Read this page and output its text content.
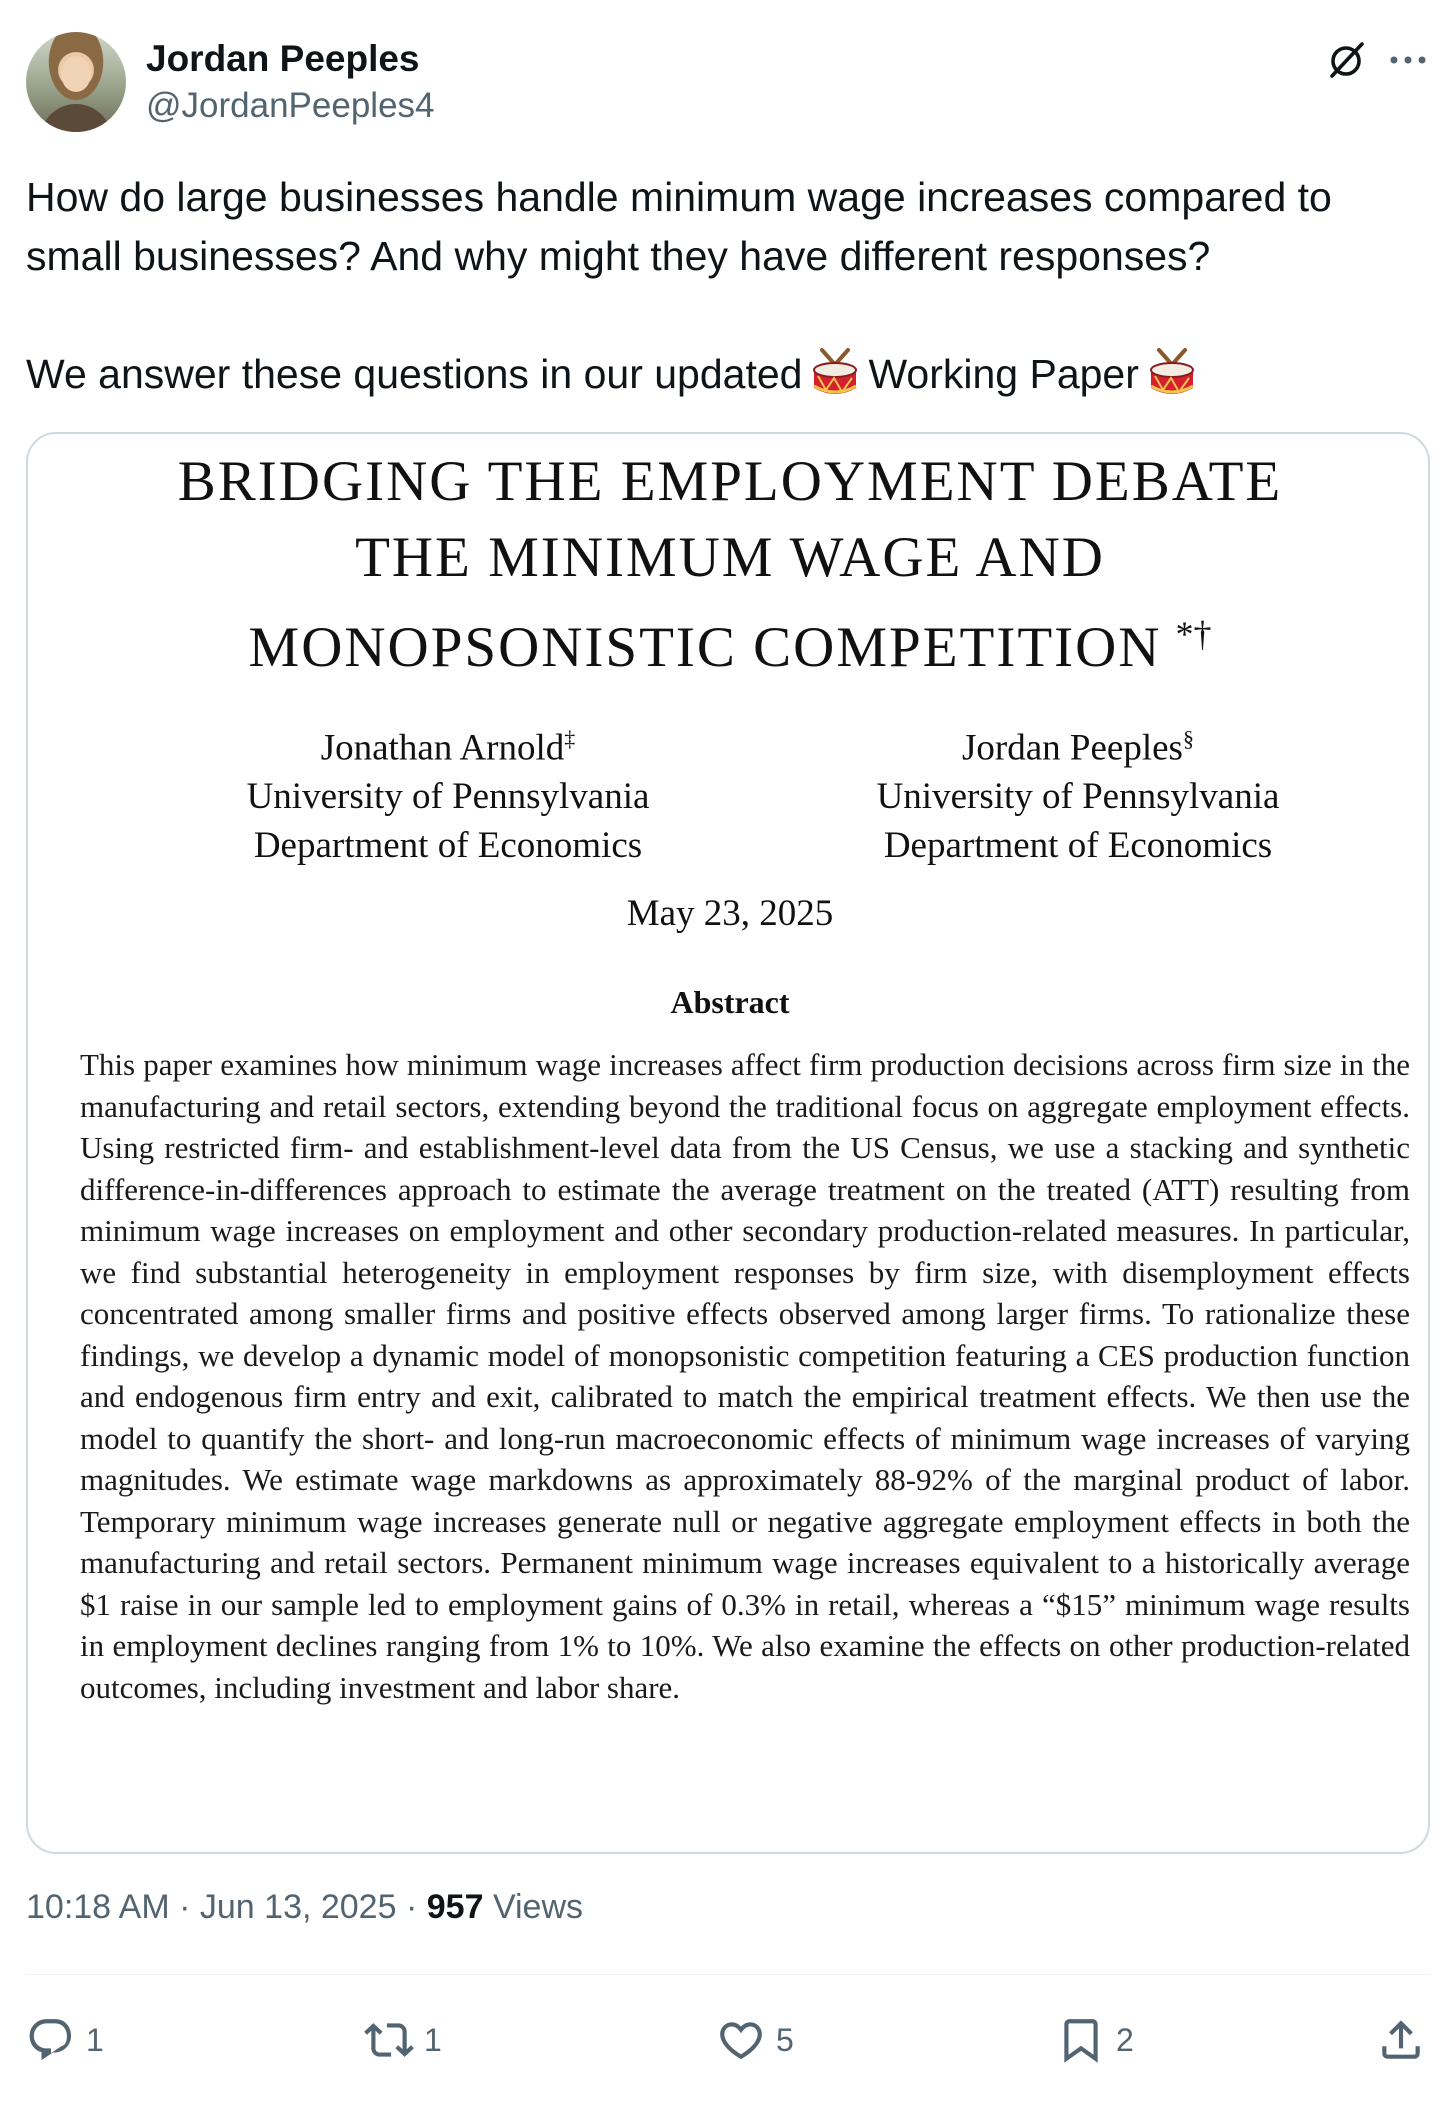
Jordan Peeples
@JordanPeeples4

How do large businesses handle minimum wage increases compared to small businesses? And why might they have different responses?

We answer these questions in our updated Working Paper

BRIDGING THE EMPLOYMENT DEBATE
THE MINIMUM WAGE AND
MONOPSONISTIC COMPETITION *†
Jonathan Arnold‡
University of Pennsylvania
Department of Economics
Jordan Peeples§
University of Pennsylvania
Department of Economics
May 23, 2025
Abstract
This paper examines how minimum wage increases affect firm production decisions across firm size in the manufacturing and retail sectors, extending beyond the traditional focus on aggregate employment effects. Using restricted firm- and establishment-level data from the US Census, we use a stacking and synthetic difference-in-differences approach to estimate the average treatment on the treated (ATT) resulting from minimum wage increases on employment and other secondary production-related measures. In particular, we find substantial heterogeneity in employment responses by firm size, with disemployment effects concentrated among smaller firms and positive effects observed among larger firms. To rationalize these findings, we develop a dynamic model of monopsonistic competition featuring a CES production function and endogenous firm entry and exit, calibrated to match the empirical treatment effects. We then use the model to quantify the short- and long-run macroeconomic effects of minimum wage increases of varying magnitudes. We estimate wage markdowns as approximately 88-92% of the marginal product of labor. Temporary minimum wage increases generate null or negative aggregate employment effects in both the manufacturing and retail sectors. Permanent minimum wage increases equivalent to a historically average $1 raise in our sample led to employment gains of 0.3% in retail, whereas a “$15” minimum wage results in employment declines ranging from 1% to 10%. We also examine the effects on other production-related outcomes, including investment and labor share.
10:18 AM · Jun 13, 2025 · 957 Views
1	1	5	2
